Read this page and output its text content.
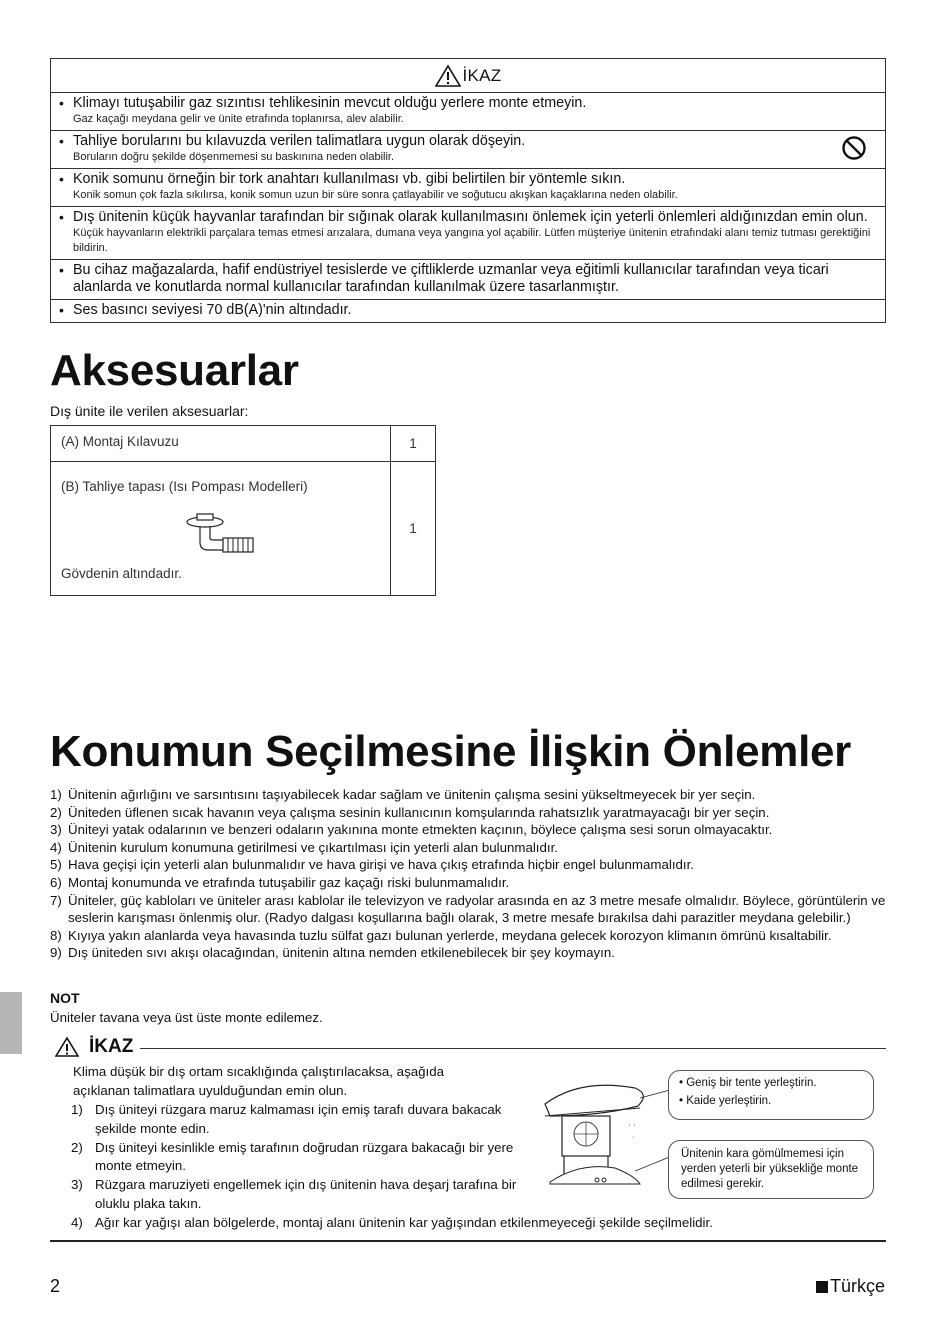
İKAZ
• Klimayı tutuşabilir gaz sızıntısı tehlikesinin mevcut olduğu yerlere monte etmeyin.
Gaz kaçağı meydana gelir ve ünite etrafında toplanırsa, alev alabilir.
• Tahliye borularını bu kılavuzda verilen talimatlara uygun olarak döşeyin.
Boruların doğru şekilde döşenmemesi su baskınına neden olabilir.
• Konik somunu örneğin bir tork anahtarı kullanılması vb. gibi belirtilen bir yöntemle sıkın.
Konik somun çok fazla sıkılırsa, konik somun uzun bir süre sonra çatlayabilir ve soğutucu akışkan kaçaklarına neden olabilir.
• Dış ünitenin küçük hayvanlar tarafından bir sığınak olarak kullanılmasını önlemek için yeterli önlemleri aldığınızdan emin olun.
Küçük hayvanların elektrikli parçalara temas etmesi arızalara, dumana veya yangına yol açabilir. Lütfen müşteriye ünitenin etrafındaki alanı temiz tutması gerektiğini bildirin.
• Bu cihaz mağazalarda, hafif endüstriyel tesislerde ve çiftliklerde uzmanlar veya eğitimli kullanıcılar tarafından veya ticari alanlarda ve konutlarda normal kullanıcılar tarafından kullanılmak üzere tasarlanmıştır.
• Ses basıncı seviyesi 70 dB(A)'nin altındadır.
Aksesuarlar
Dış ünite ile verilen aksesuarlar:
(A) Montaj Kılavuzu	1

(B) Tahliye tapası (Isı Pompası Modelleri)
Gövdenin altındadır.	1
Konumun Seçilmesine İlişkin Önlemler
1) Ünitenin ağırlığını ve sarsıntısını taşıyabilecek kadar sağlam ve ünitenin çalışma sesini yükseltmeyecek bir yer seçin.
2) Üniteden üflenen sıcak havanın veya çalışma sesinin kullanıcının komşularında rahatsızlık yaratmayacağı bir yer seçin.
3) Üniteyi yatak odalarının ve benzeri odaların yakınına monte etmekten kaçının, böylece çalışma sesi sorun olmayacaktır.
4) Ünitenin kurulum konumuna getirilmesi ve çıkartılması için yeterli alan bulunmalıdır.
5) Hava geçişi için yeterli alan bulunmalıdır ve hava girişi ve hava çıkış etrafında hiçbir engel bulunmamalıdır.
6) Montaj konumunda ve etrafında tutuşabilir gaz kaçağı riski bulunmamalıdır.
7) Üniteler, güç kabloları ve üniteler arası kablolar ile televizyon ve radyolar arasında en az 3 metre mesafe olmalıdır. Böylece, görüntülerin ve seslerin karışması önlenmiş olur. (Radyo dalgası koşullarına bağlı olarak, 3 metre mesafe bırakılsa dahi parazitler meydana gelebilir.)
8) Kıyıya yakın alanlarda veya havasında tuzlu sülfat gazı bulunan yerlerde, meydana gelecek korozyon klimanın ömrünü kısaltabilir.
9) Dış üniteden sıvı akışı olacağından, ünitenin altına nemden etkilenebilecek bir şey koymayın.
NOT
Üniteler tavana veya üst üste monte edilemez.
İKAZ
Klima düşük bir dış ortam sıcaklığında çalıştırılacaksa, aşağıda açıklanan talimatlara uyulduğundan emin olun.
1) Dış üniteyi rüzgara maruz kalmaması için emiş tarafı duvara bakacak şekilde monte edin.
2) Dış üniteyi kesinlikle emiş tarafının doğrudan rüzgara bakacağı bir yere monte etmeyin.
3) Rüzgara maruziyeti engellemek için dış ünitenin hava deşarj tarafına bir oluklu plaka takın.
4) Ağır kar yağışı alan bölgelerde, montaj alanı ünitenin kar yağışından etkilenmeyeceği şekilde seçilmelidir.
· ·
·
• Geniş bir tente yerleştirin.
• Kaide yerleştirin.
Ünitenin kara gömülmemesi için yerden yeterli bir yüksekliğe monte edilmesi gerekir.
2	Türkçe
